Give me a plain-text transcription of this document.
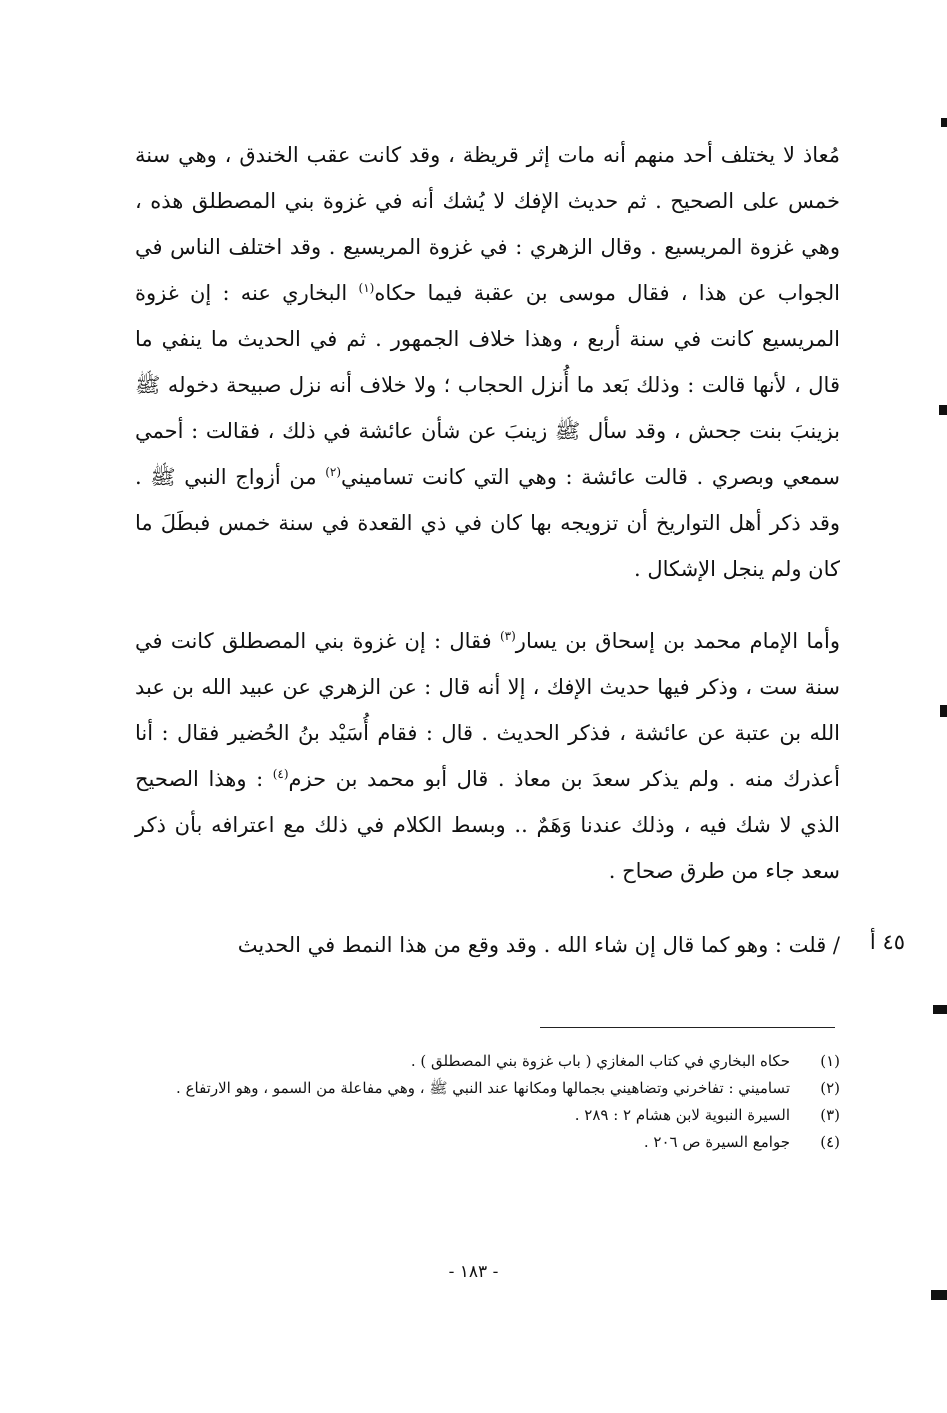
مُعاذ لا يختلف أحد منهم أنه مات إثر قريظة ، وقد كانت عقب الخندق ، وهي سنة خمس على الصحيح . ثم حديث الإفك لا يُشك أنه في غزوة بني المصطلق هذه ، وهي غزوة المريسيع . وقال الزهري : في غزوة المريسيع . وقد اختلف الناس في الجواب عن هذا ، فقال موسى بن عقبة فيما حكاه$^{(١)}$ البخاري عنه : إن غزوة المريسيع كانت في سنة أربع ، وهذا خلاف الجمهور . ثم في الحديث ما ينفي ما قال ، لأنها قالت : وذلك بَعد ما أُنزل الحجاب ؛ ولا خلاف أنه نزل صبيحة دخوله ﷺ بزينبَ بنت جحش ، وقد سأل ﷺ زينبَ عن شأن عائشة في ذلك ، فقالت : أحمي سمعي وبصري . قالت عائشة : وهي التي كانت تساميني$^{(٢)}$ من أزواج النبي ﷺ . وقد ذكر أهل التواريخ أن تزويجه بها كان في ذي القعدة في سنة خمس فبطَلَ ما كان ولم ينجل الإشكال .

وأما الإمام محمد بن إسحاق بن يسار$^{(٣)}$ فقال : إن غزوة بني المصطلق كانت في سنة ست ، وذكر فيها حديث الإفك ، إلا أنه قال : عن الزهري عن عبيد الله بن عبد الله بن عتبة عن عائشة ، فذكر الحديث . قال : فقام أُسَيْد بنُ الحُضير فقال : أنا أعذرك منه . ولم يذكر سعدَ بن معاذ . قال أبو محمد بن حزم$^{(٤)}$ : وهذا الصحيح الذي لا شك فيه ، وذلك عندنا وَهَمٌ .. وبسط الكلام في ذلك مع اعترافه بأن ذكر سعد جاء من طرق صحاح .

/ قلت : وهو كما قال إن شاء الله . وقد وقع من هذا النمط في الحديث	٤٥ أ
(١)
حكاه البخاري في كتاب المغازي ( باب غزوة بني المصطلق ) .
(٢)
تساميني : تفاخرني وتضاهيني بجمالها ومكانها عند النبي ﷺ ، وهي مفاعلة من السمو ، وهو الارتفاع .
(٣)
السيرة النبوية لابن هشام ٢ : ٢٨٩ .
(٤)
جوامع السيرة ص ٢٠٦ .
- ١٨٣ -
